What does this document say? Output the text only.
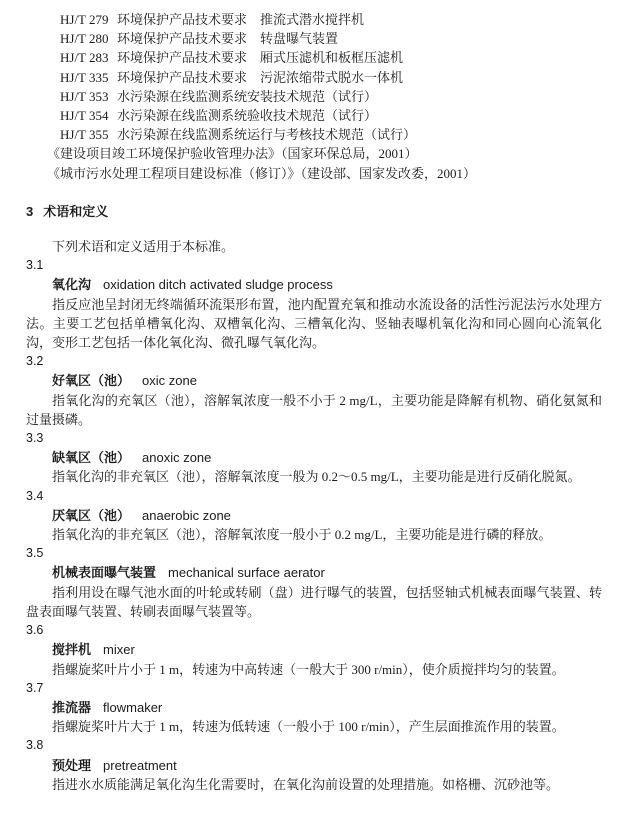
HJ/T 279 环境保护产品技术要求　推流式潜水搅拌机
HJ/T 280 环境保护产品技术要求　转盘曝气装置
HJ/T 283 环境保护产品技术要求　厢式压滤机和板框压滤机
HJ/T 335 环境保护产品技术要求　污泥浓缩带式脱水一体机
HJ/T 353 水污染源在线监测系统安装技术规范（试行）
HJ/T 354 水污染源在线监测系统验收技术规范（试行）
HJ/T 355 水污染源在线监测系统运行与考核技术规范（试行）
《建设项目竣工环境保护验收管理办法》（国家环保总局，2001）
《城市污水处理工程项目建设标准（修订）》（建设部、国家发改委，2001）
3 术语和定义

下列术语和定义适用于本标准。

3.1
氧化沟 oxidation ditch activated sludge process

指反应池呈封闭无终端循环流渠形布置，池内配置充氧和推动水流设备的活性污泥法污水处理方法。主要工艺包括单槽氧化沟、双槽氧化沟、三槽氧化沟、竖轴表曝机氧化沟和同心圆向心流氧化沟，变形工艺包括一体化氧化沟、微孔曝气氧化沟。

3.2
好氧区（池） oxic zone

指氧化沟的充氧区（池），溶解氧浓度一般不小于 2 mg/L，主要功能是降解有机物、硝化氨氮和过量摄磷。

3.3
缺氧区（池） anoxic zone

指氧化沟的非充氧区（池），溶解氧浓度一般为 0.2～0.5 mg/L，主要功能是进行反硝化脱氮。

3.4
厌氧区（池） anaerobic zone

指氧化沟的非充氧区（池），溶解氧浓度一般小于 0.2 mg/L，主要功能是进行磷的释放。

3.5
机械表面曝气装置 mechanical surface aerator

指利用设在曝气池水面的叶轮或转刷（盘）进行曝气的装置，包括竖轴式机械表面曝气装置、转盘表面曝气装置、转刷表面曝气装置等。

3.6
搅拌机 mixer

指螺旋桨叶片小于 1 m，转速为中高转速（一般大于 300 r/min），使介质搅拌均匀的装置。

3.7
推流器 flowmaker

指螺旋桨叶片大于 1 m，转速为低转速（一般小于 100 r/min），产生层面推流作用的装置。

3.8
预处理 pretreatment

指进水水质能满足氧化沟生化需要时，在氧化沟前设置的处理措施。如格栅、沉砂池等。
